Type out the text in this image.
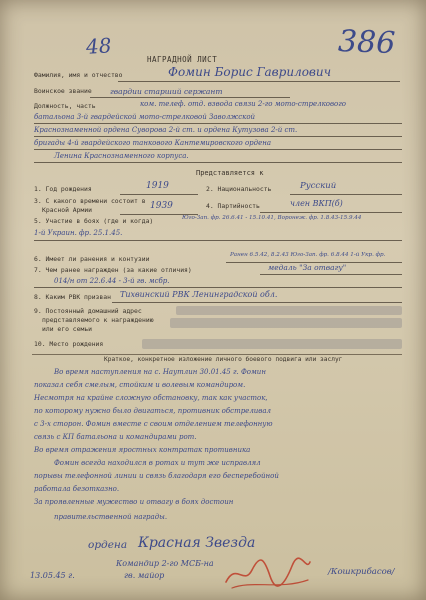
48
НАГРАДНОЙ ЛИСТ	386
Фамилия, имя и отчество	Фомин Борис Гаврилович
Воинское звание гвардии старший сержант
Должность, часть	ком. телеф. отд. взвода связи 2-го мото-стрелкового
батальона 3-й гвардейской мото-стрелковой Заволжской
Краснознаменной ордена Суворова 2-й ст. и ордена Кутузова 2-й ст.
бригады 4-й гвардейского танкового Кантемировского ордена
Ленина Краснознаменного корпуса.
Представляется к
1. Год рождения	1919	2. Национальность	Русский
3. С какого времени состоит в
Красной Армии	1939	4. Партийность	член ВКП(б)
5. Участие в боях (где и когда)	Юго-Зап. фр. 26.6.41 - 15.10.41, Воронеж. фр. 1.8.43-15.9.44
1-й Украин. фр. 25.1.45.
6. Имеет ли ранения и контузии	Ранен 6.5.42, 8.2.43 Юго-Зап. фр. 6.8.44 1-й Укр. фр.
7. Чем ранее награжден (за какие отличия)	медаль "За отвагу"
014/н от 22.6.44 - 3-й гв. мсбр.
8. Каким РВК призван Тихвинский РВК Ленинградской обл.
9. Постоянный домашний адрес
представляемого к награждению
или его семьи
10. Место рождения
Краткое, конкретное изложение личного боевого подвига или заслуг
Во время наступления на с. Наутлин 30.01.45 г. Фомин
показал себя смелым, стойким и волевым командиром.
Несмотря на крайне сложную обстановку, так как участок,
по которому нужно было двигаться, противник обстреливал
с 3-х сторон. Фомин вместе с своим отделением телефонную
связь с КП батальона и командирами рот.
Во время отражения яростных контратак противника
Фомин всегда находился в ротах и тут же исправлял
порывы телефонной линии и связь благодаря его бесперебойной
работала безотказно.
За проявленные мужество и отвагу в боях достоин
правительственной награды.
ордена Красная Звезда
Командир 2-го МСБ-на
гв. майор
13.05.45 г.	/Кошкрибасов/
